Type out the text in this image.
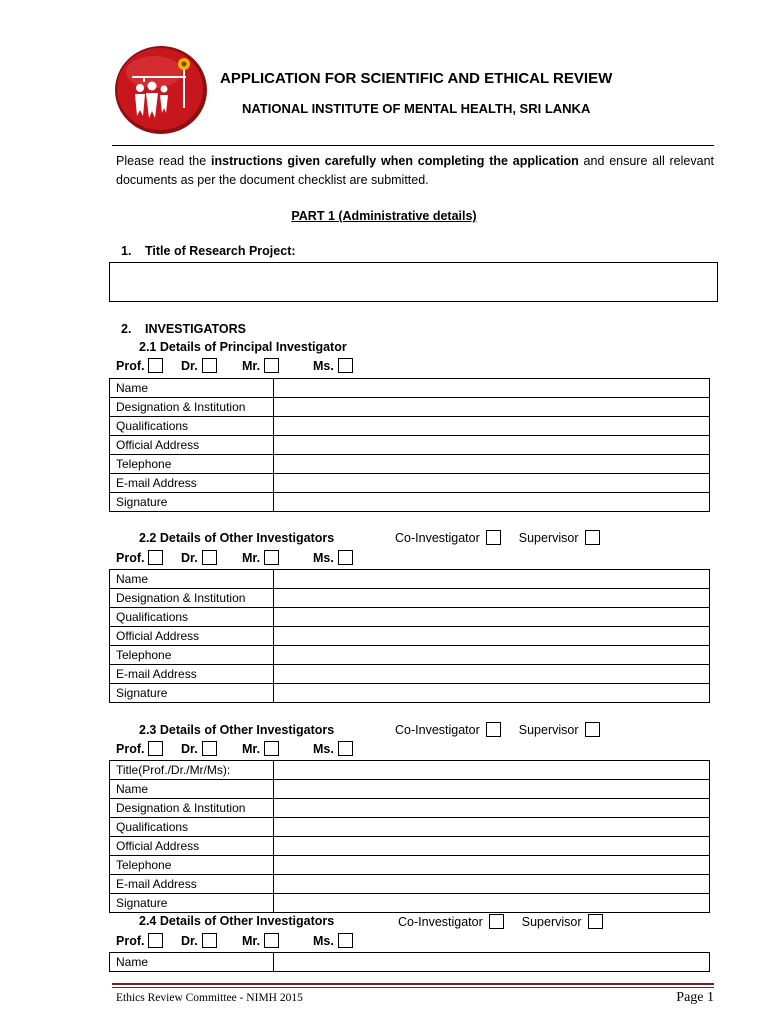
APPLICATION FOR SCIENTIFIC AND ETHICAL REVIEW
NATIONAL INSTITUTE OF MENTAL HEALTH, SRI LANKA
Please read the instructions given carefully when completing the application and ensure all relevant documents as per the document checklist are submitted.
PART 1 (Administrative details)
1. Title of Research Project:
2. INVESTIGATORS
2.1 Details of Principal Investigator
Prof.	Dr.	Mr.	Ms.
Name	
Designation & Institution	
Qualifications	
Official Address	
Telephone	
E-mail Address	
Signature	
2.2 Details of Other Investigators	Co-Investigator	Supervisor
Prof.	Dr.	Mr.	Ms.
Name	
Designation & Institution	
Qualifications	
Official Address	
Telephone	
E-mail Address	
Signature	
2.3 Details of Other Investigators	Co-Investigator	Supervisor
Prof.	Dr.	Mr.	Ms.
Title(Prof./Dr./Mr/Ms):	
Name	
Designation & Institution	
Qualifications	
Official Address	
Telephone	
E-mail Address	
Signature	
2.4 Details of Other Investigators	Co-Investigator	Supervisor
Prof.	Dr.	Mr.	Ms.
Name	
Ethics Review Committee - NIMH 2015	Page 1
